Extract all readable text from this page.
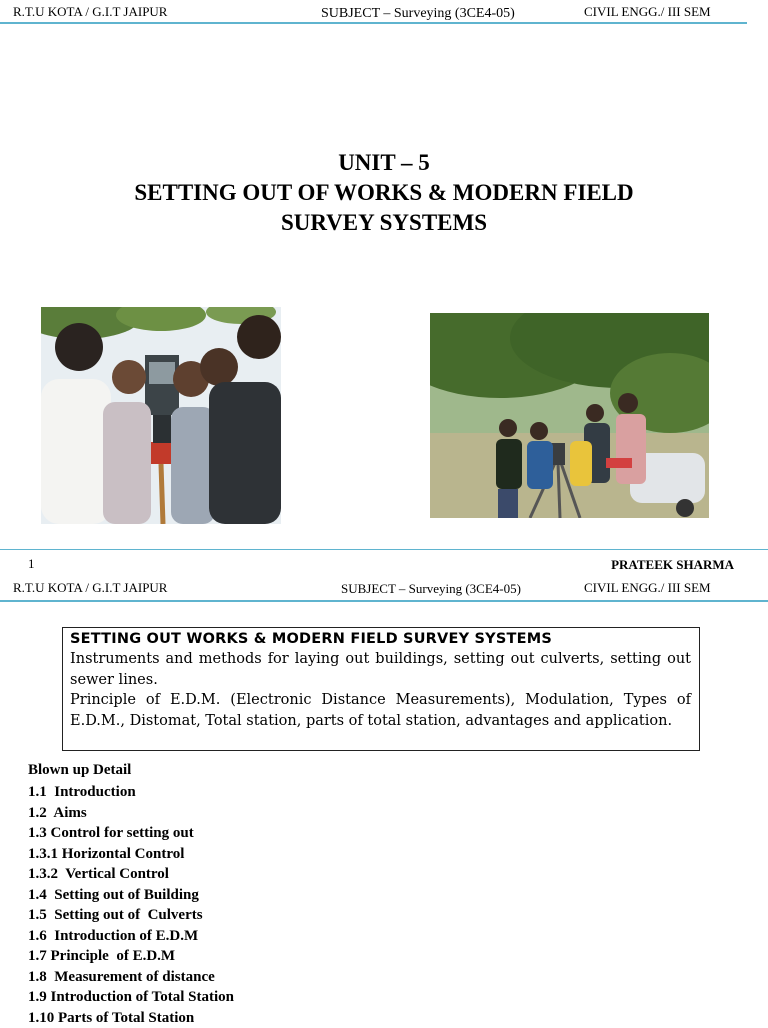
R.T.U KOTA / G.I.T JAIPUR	SUBJECT – Surveying (3CE4-05)	CIVIL ENGG./ III SEM
UNIT – 5
SETTING OUT OF WORKS & MODERN FIELD
SURVEY SYSTEMS
1	PRATEEK SHARMA
R.T.U KOTA / G.I.T JAIPUR	SUBJECT – Surveying (3CE4-05)	CIVIL ENGG./ III SEM
SETTING OUT WORKS & MODERN FIELD SURVEY SYSTEMS

Instruments and methods for laying out buildings, setting out culverts, setting out sewer lines.

Principle of E.D.M. (Electronic Distance Measurements), Modulation, Types of E.D.M., Distomat, Total station, parts of total station, advantages and application.

Blown up Detail
1.1  Introduction
1.2  Aims
1.3 Control for setting out
1.3.1 Horizontal Control
1.3.2  Vertical Control
1.4  Setting out of Building
1.5  Setting out of  Culverts
1.6  Introduction of E.D.M
1.7 Principle  of E.D.M
1.8  Measurement of distance
1.9 Introduction of Total Station
1.10 Parts of Total Station
